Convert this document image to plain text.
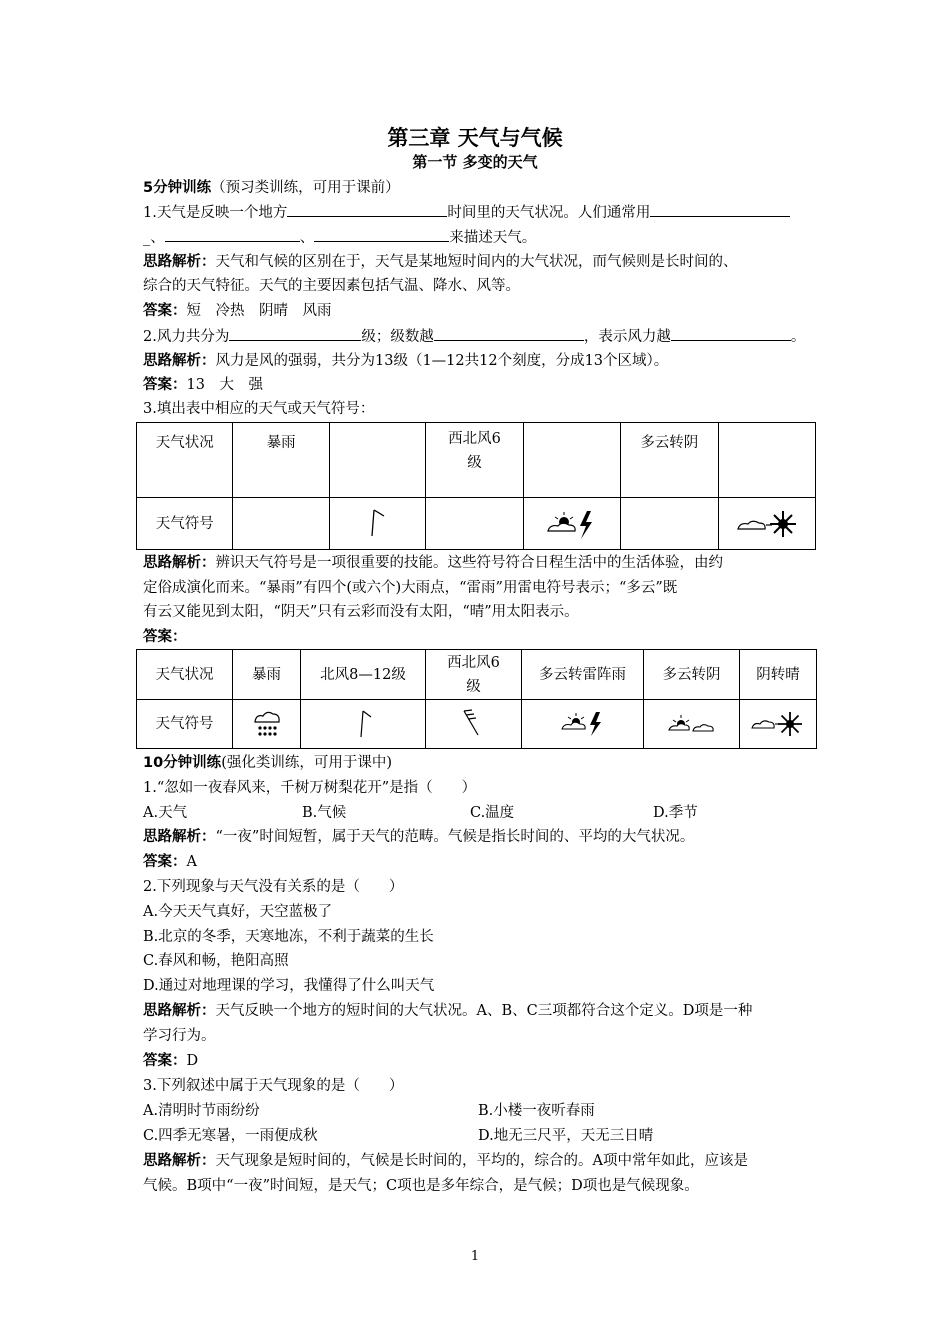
第三章 天气与气候
第一节 多变的天气
5分钟训练（预习类训练，可用于课前）
1.天气是反映一个地方	时间里的天气状况。人们通常用
_、	、	来描述天气。
思路解析：天气和气候的区别在于，天气是某地短时间内的大气状况，而气候则是长时间的、
综合的天气特征。天气的主要因素包括气温、降水、风等。
答案：短　冷热　阴晴　风雨
2.风力共分为	级；级数越	，表示风力越	。
思路解析：风力是风的强弱，共分为13级（1—12共12个刻度，分成13个区域）。
答案：13　大　强
3.填出表中相应的天气或天气符号：
天气状况	暴雨		西北风6级		多云转阴	
天气符号		

思路解析：辨识天气符号是一项很重要的技能。这些符号符合日程生活中的生活体验，由约
定俗成演化而来。“暴雨”有四个(或六个)大雨点，“雷雨”用雷电符号表示；“多云”既
有云又能见到太阳，“阴天”只有云彩而没有太阳，“晴”用太阳表示。
答案：
天气状况	暴雨	北风8—12级	西北风6级	多云转雷阵雨	多云转阴	阴转晴
天气符号	

10分钟训练(强化类训练，可用于课中)
1.“忽如一夜春风来，千树万树梨花开”是指（　　）
A.天气	B.气候	C.温度	D.季节
思路解析：“一夜”时间短暂，属于天气的范畴。气候是指长时间的、平均的大气状况。
答案：A
2.下列现象与天气没有关系的是（　　）
A.今天天气真好，天空蓝极了
B.北京的冬季，天寒地冻，不利于蔬菜的生长
C.春风和畅，艳阳高照
D.通过对地理课的学习，我懂得了什么叫天气
思路解析：天气反映一个地方的短时间的大气状况。A、B、C三项都符合这个定义。D项是一种
学习行为。
答案：D
3.下列叙述中属于天气现象的是（　　）
A.清明时节雨纷纷	B.小楼一夜听春雨
C.四季无寒暑，一雨便成秋	D.地无三尺平，天无三日晴
思路解析：天气现象是短时间的，气候是长时间的，平均的，综合的。A项中常年如此，应该是
气候。B项中“一夜”时间短，是天气；C项也是多年综合，是气候；D项也是气候现象。
1
